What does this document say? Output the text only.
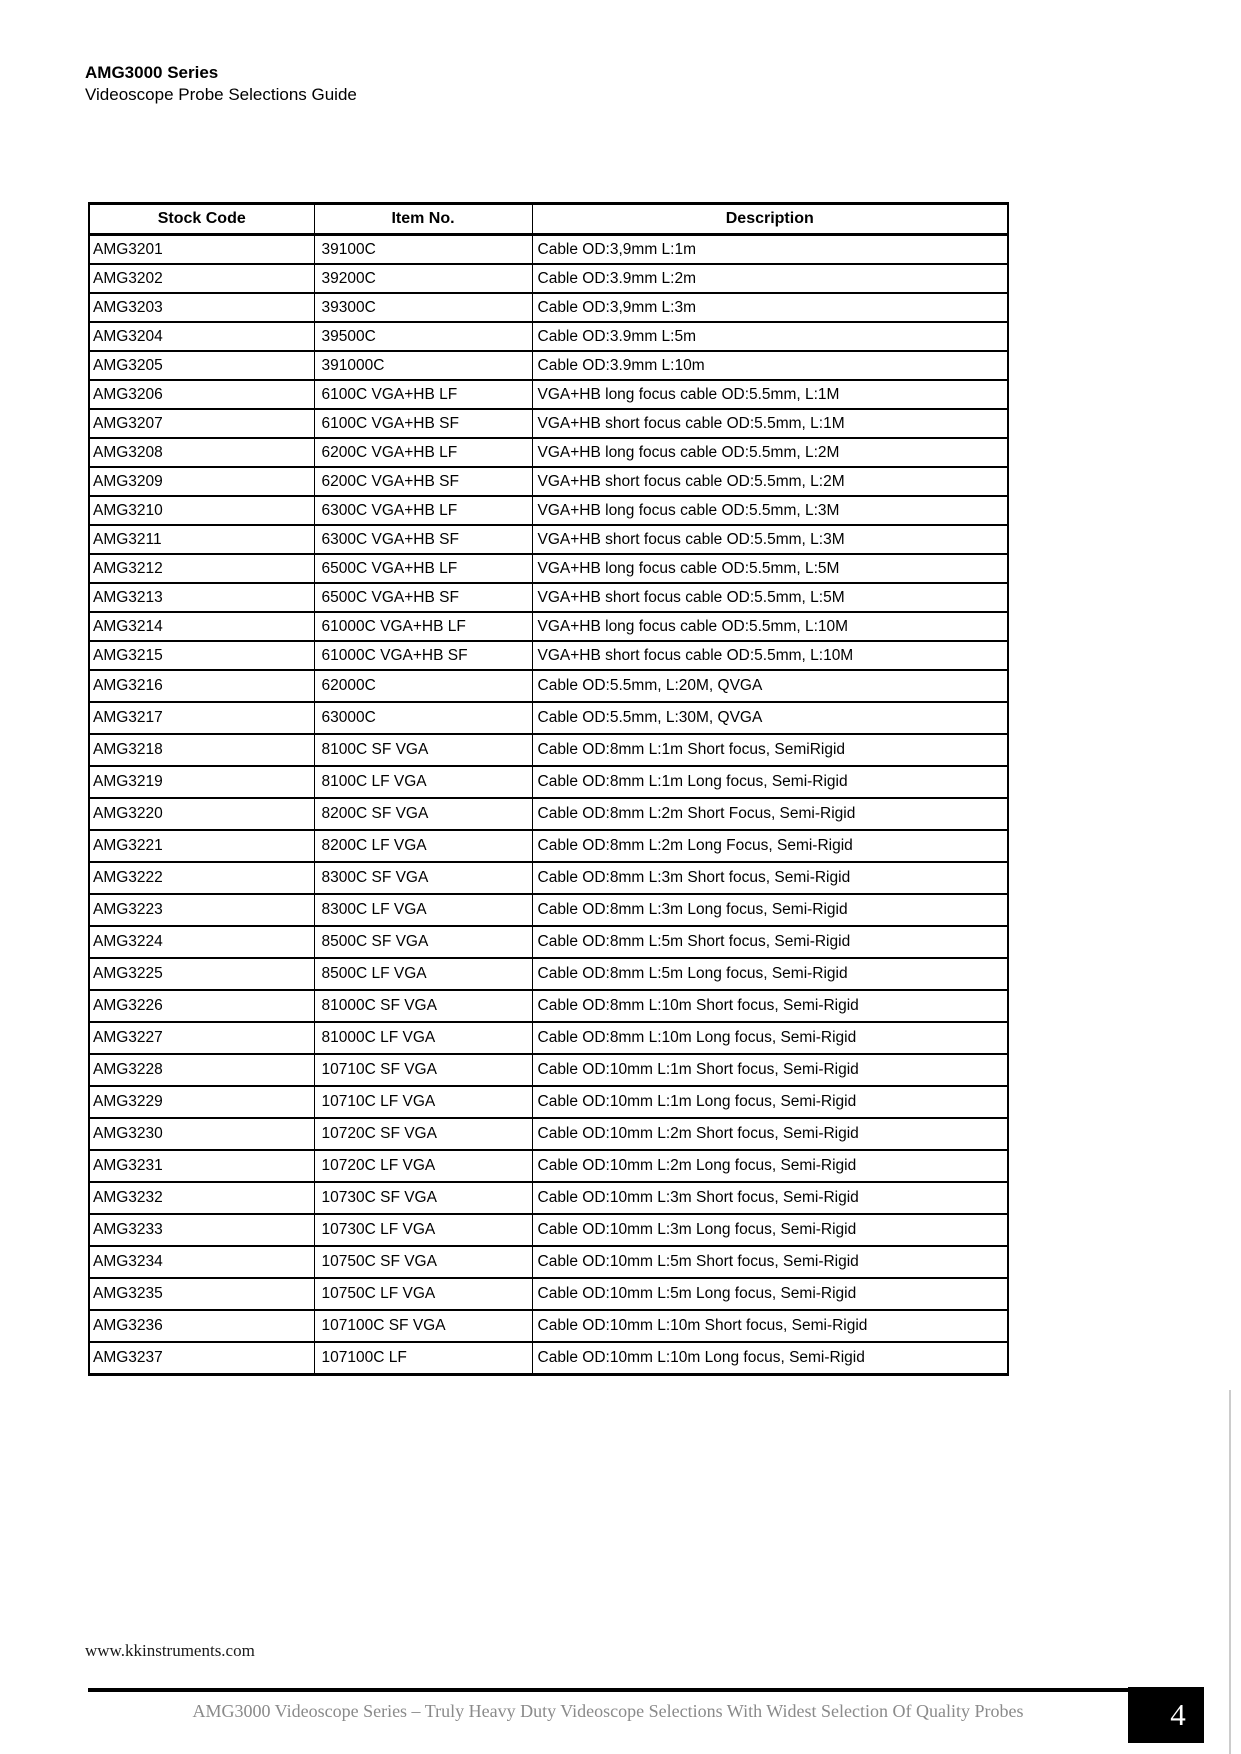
AMG3000 Series
Videoscope Probe Selections Guide
Stock Code	Item No.	Description
AMG3201	39100C	Cable OD:3,9mm L:1m
AMG3202	39200C	Cable OD:3.9mm L:2m
AMG3203	39300C	Cable OD:3,9mm L:3m
AMG3204	39500C	Cable OD:3.9mm L:5m
AMG3205	391000C	Cable OD:3.9mm L:10m
AMG3206	6100C VGA+HB LF	VGA+HB long focus cable OD:5.5mm, L:1M
AMG3207	6100C VGA+HB SF	VGA+HB short focus cable OD:5.5mm, L:1M
AMG3208	6200C VGA+HB LF	VGA+HB long focus cable OD:5.5mm, L:2M
AMG3209	6200C VGA+HB SF	VGA+HB short focus cable OD:5.5mm, L:2M
AMG3210	6300C VGA+HB LF	VGA+HB long focus cable OD:5.5mm, L:3M
AMG3211	6300C VGA+HB SF	VGA+HB short focus cable OD:5.5mm, L:3M
AMG3212	6500C VGA+HB LF	VGA+HB long focus cable OD:5.5mm, L:5M
AMG3213	6500C VGA+HB SF	VGA+HB short focus cable OD:5.5mm, L:5M
AMG3214	61000C VGA+HB LF	VGA+HB long focus cable OD:5.5mm, L:10M
AMG3215	61000C VGA+HB SF	VGA+HB short focus cable OD:5.5mm, L:10M
AMG3216	62000C	Cable OD:5.5mm, L:20M, QVGA
AMG3217	63000C	Cable OD:5.5mm, L:30M, QVGA
AMG3218	8100C SF VGA	Cable OD:8mm L:1m Short focus, SemiRigid
AMG3219	8100C LF VGA	Cable OD:8mm L:1m Long focus, Semi-Rigid
AMG3220	8200C SF VGA	Cable OD:8mm L:2m Short Focus, Semi-Rigid
AMG3221	8200C LF VGA	Cable OD:8mm L:2m Long Focus, Semi-Rigid
AMG3222	8300C SF VGA	Cable OD:8mm L:3m Short focus, Semi-Rigid
AMG3223	8300C LF VGA	Cable OD:8mm L:3m Long focus, Semi-Rigid
AMG3224	8500C SF VGA	Cable OD:8mm L:5m Short focus, Semi-Rigid
AMG3225	8500C LF VGA	Cable OD:8mm L:5m Long focus, Semi-Rigid
AMG3226	81000C SF VGA	Cable OD:8mm L:10m Short focus, Semi-Rigid
AMG3227	81000C LF VGA	Cable OD:8mm L:10m Long focus, Semi-Rigid
AMG3228	10710C SF VGA	Cable OD:10mm L:1m Short focus, Semi-Rigid
AMG3229	10710C LF VGA	Cable OD:10mm L:1m Long focus, Semi-Rigid
AMG3230	10720C SF VGA	Cable OD:10mm L:2m Short focus, Semi-Rigid
AMG3231	10720C LF VGA	Cable OD:10mm L:2m Long focus, Semi-Rigid
AMG3232	10730C SF VGA	Cable OD:10mm L:3m Short focus, Semi-Rigid
AMG3233	10730C LF VGA	Cable OD:10mm L:3m Long focus, Semi-Rigid
AMG3234	10750C SF VGA	Cable OD:10mm L:5m Short focus, Semi-Rigid
AMG3235	10750C LF VGA	Cable OD:10mm L:5m Long focus, Semi-Rigid
AMG3236	107100C SF VGA	Cable OD:10mm L:10m Short focus, Semi-Rigid
AMG3237	107100C LF	Cable OD:10mm L:10m Long focus, Semi-Rigid
www.kkinstruments.com
AMG3000 Videoscope Series – Truly Heavy Duty Videoscope Selections With Widest Selection Of Quality Probes	4
